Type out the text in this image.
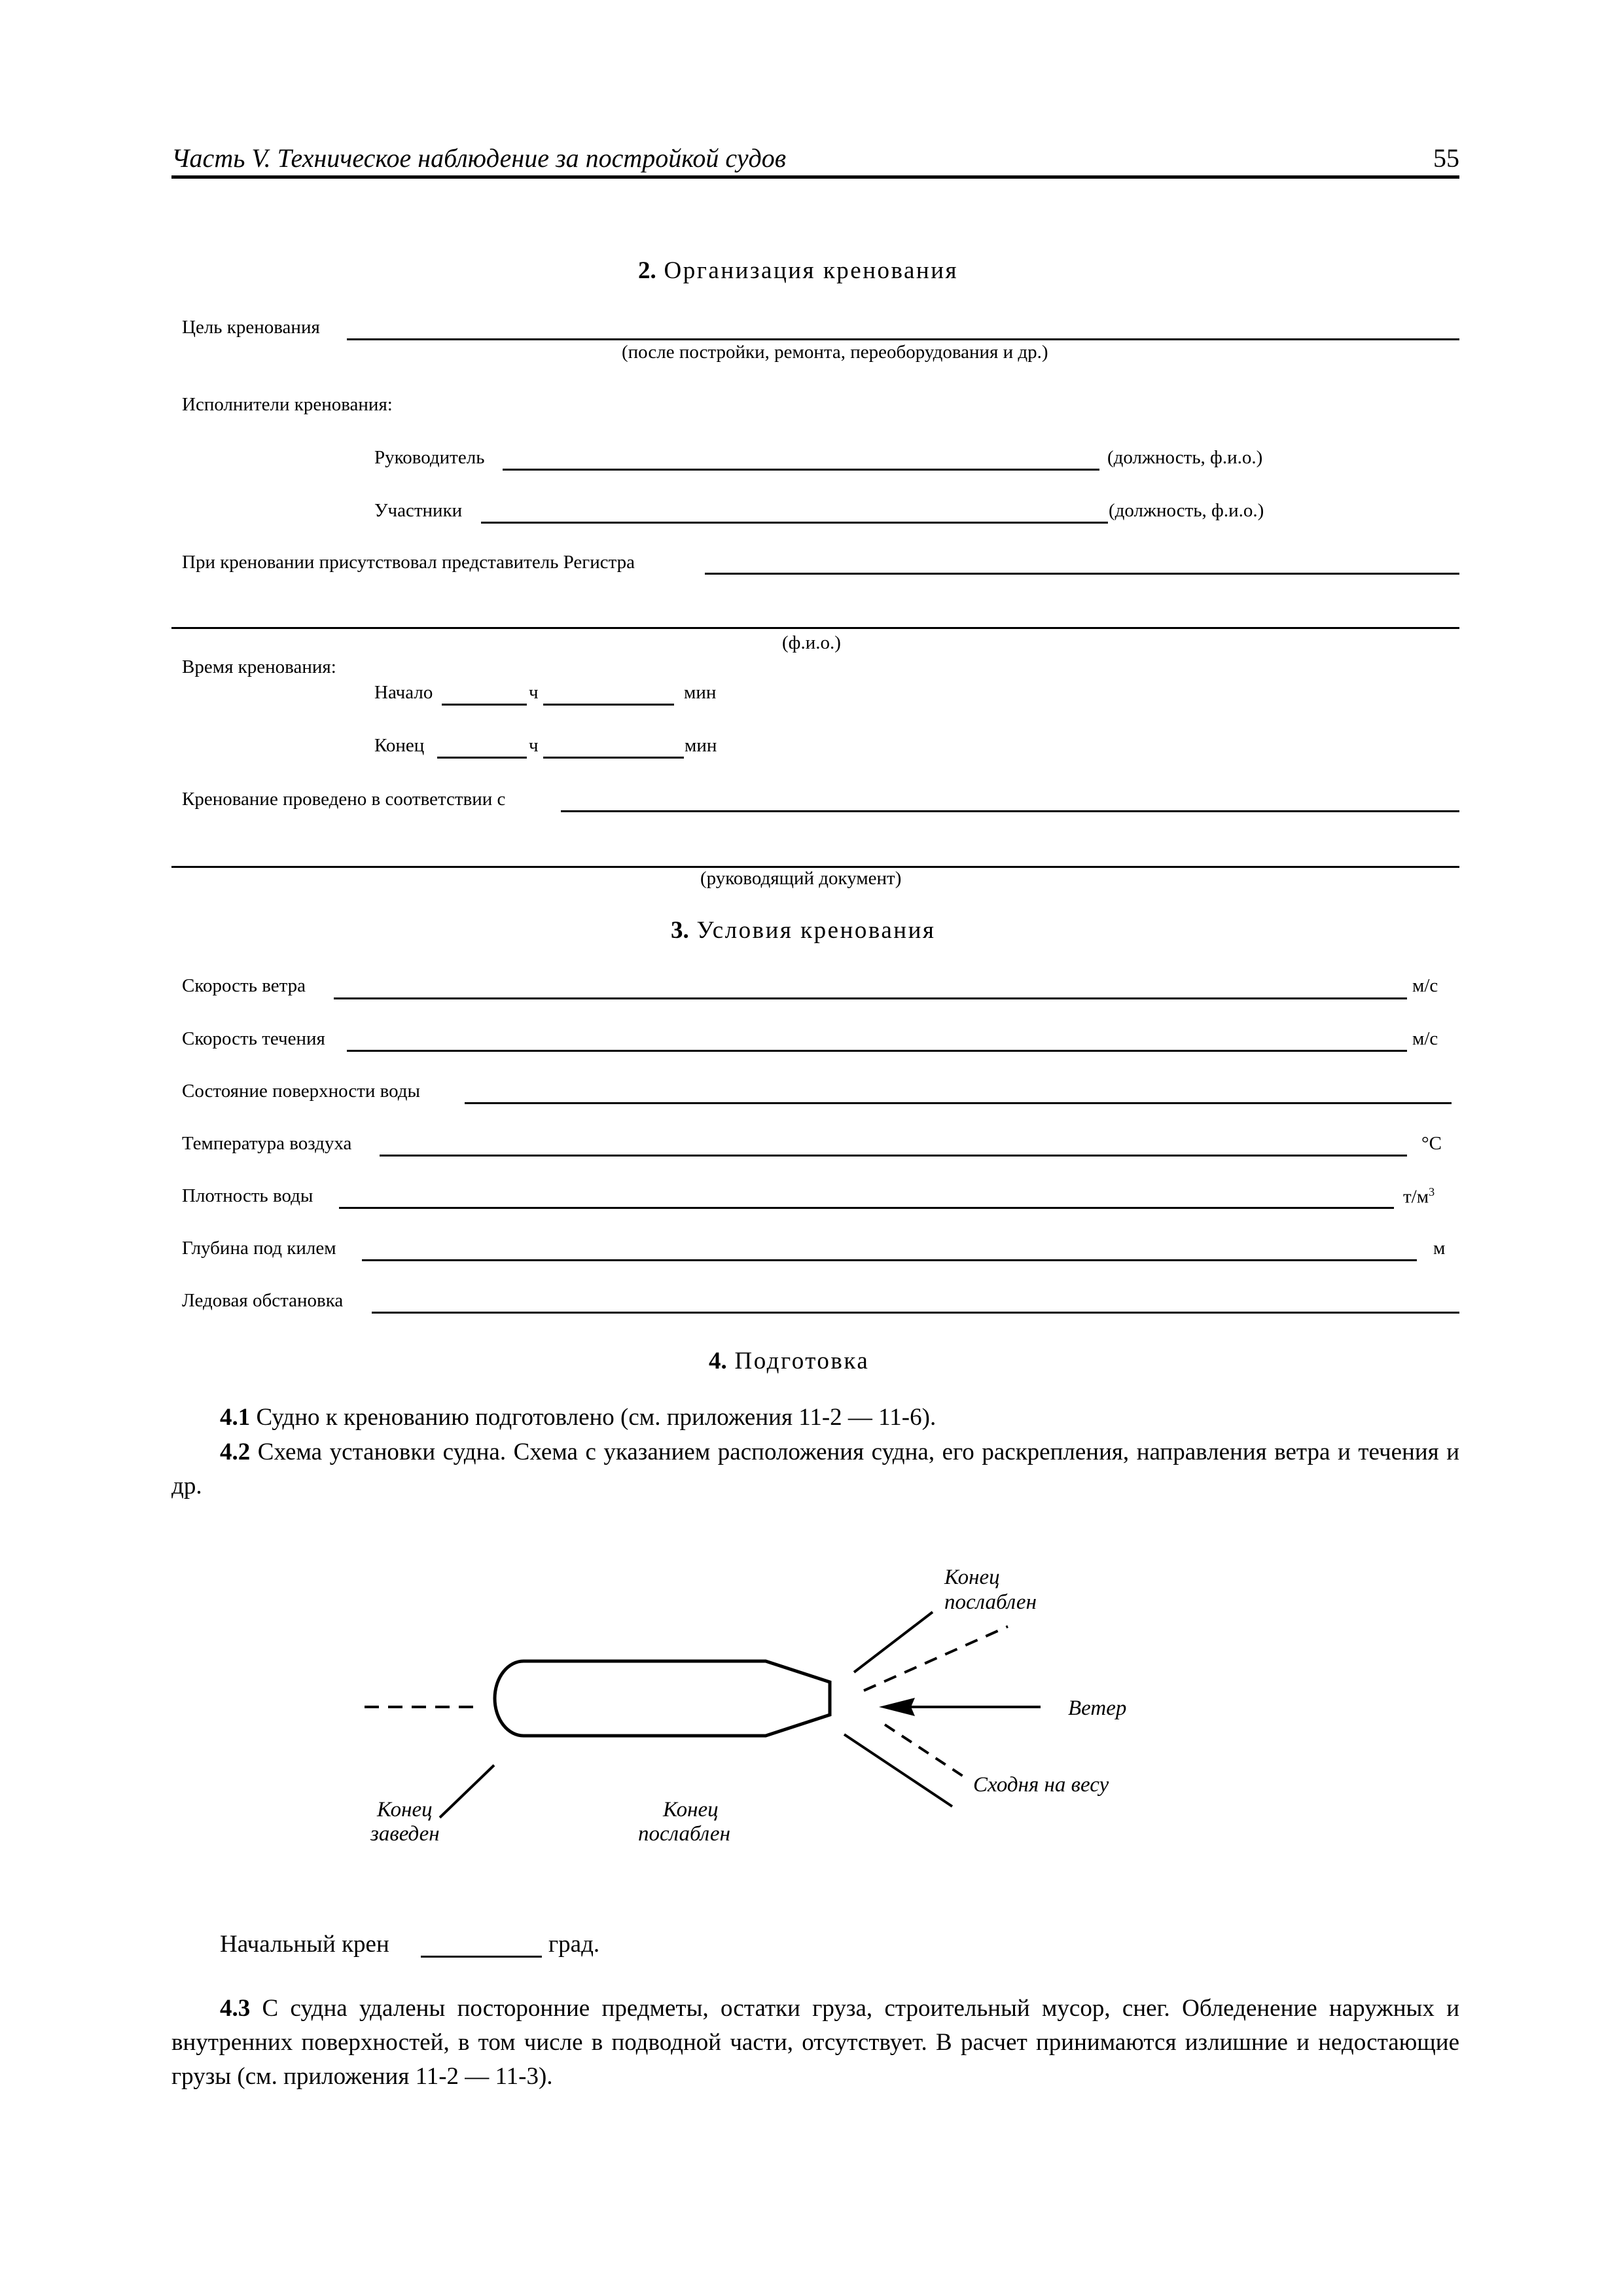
Часть V. Техническое наблюдение за постройкой судов	55
2. Организация кренования
Цель кренования
(после постройки, ремонта, переоборудования и др.)
Исполнители кренования:
Руководитель	(должность, ф.и.о.)
Участники	(должность, ф.и.о.)
При креновании присутствовал представитель Регистра
(ф.и.о.)
Время кренования:
Начало	ч	мин
Конец	ч	мин
Кренование проведено в соответствии с
(руководящий документ)
3. Условия кренования
Скорость ветра	м/с
Скорость течения	м/с
Состояние поверхности воды
Температура воздуха	°C
Плотность воды	$т/м^3$
Глубина под килем	м
Ледовая обстановка
4. Подготовка
4.1 Судно к кренованию подготовлено (см. приложения 11-2 — 11-6).
4.2 Схема установки судна. Схема с указанием расположения судна, его раскрепления, направления ветра и течения и др.
Конец
послаблен
Ветер
Сходня на весу
Конец
заведен
Конец
послаблен
Начальный крен	град.
4.3 С судна удалены посторонние предметы, остатки груза, строительный мусор, снег. Обледенение наружных и внутренних поверхностей, в том числе в подводной части, отсутствует. В расчет принимаются излишние и недостающие грузы (см. приложения 11-2 — 11-3).
